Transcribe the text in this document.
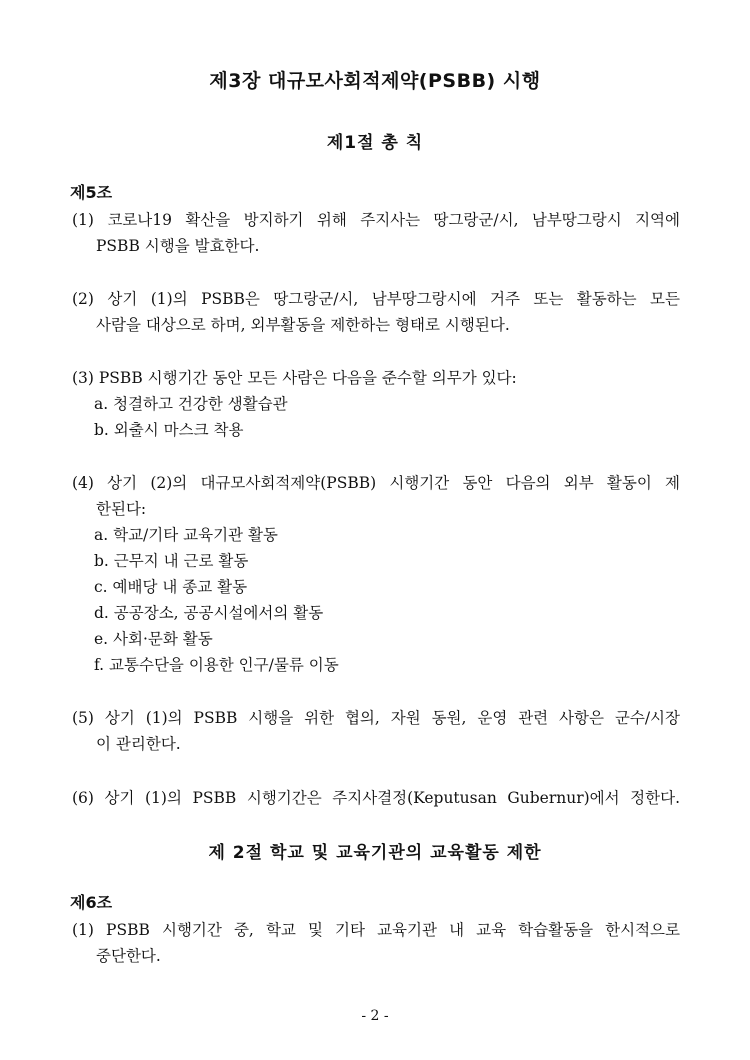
제3장 대규모사회적제약(PSBB) 시행
제1절 총 칙
제5조
(1) 코로나19 확산을 방지하기 위해 주지사는 땅그랑군/시, 남부땅그랑시 지역에
PSBB 시행을 발효한다.
(2) 상기 (1)의 PSBB은 땅그랑군/시, 남부땅그랑시에 거주 또는 활동하는 모든
사람을 대상으로 하며, 외부활동을 제한하는 형태로 시행된다.
(3) PSBB 시행기간 동안 모든 사람은 다음을 준수할 의무가 있다:
a. 청결하고 건강한 생활습관
b. 외출시 마스크 착용
(4) 상기 (2)의 대규모사회적제약(PSBB) 시행기간 동안 다음의 외부 활동이 제
한된다:
a. 학교/기타 교육기관 활동
b. 근무지 내 근로 활동
c. 예배당 내 종교 활동
d. 공공장소, 공공시설에서의 활동
e. 사회·문화 활동
f. 교통수단을 이용한 인구/물류 이동
(5) 상기 (1)의 PSBB 시행을 위한 협의, 자원 동원, 운영 관련 사항은 군수/시장
이 관리한다.
(6) 상기 (1)의 PSBB 시행기간은 주지사결정(Keputusan Gubernur)에서 정한다.
제 2절 학교 및 교육기관의 교육활동 제한
제6조
(1) PSBB 시행기간 중, 학교 및 기타 교육기관 내 교육 학습활동을 한시적으로
중단한다.
- 2 -
